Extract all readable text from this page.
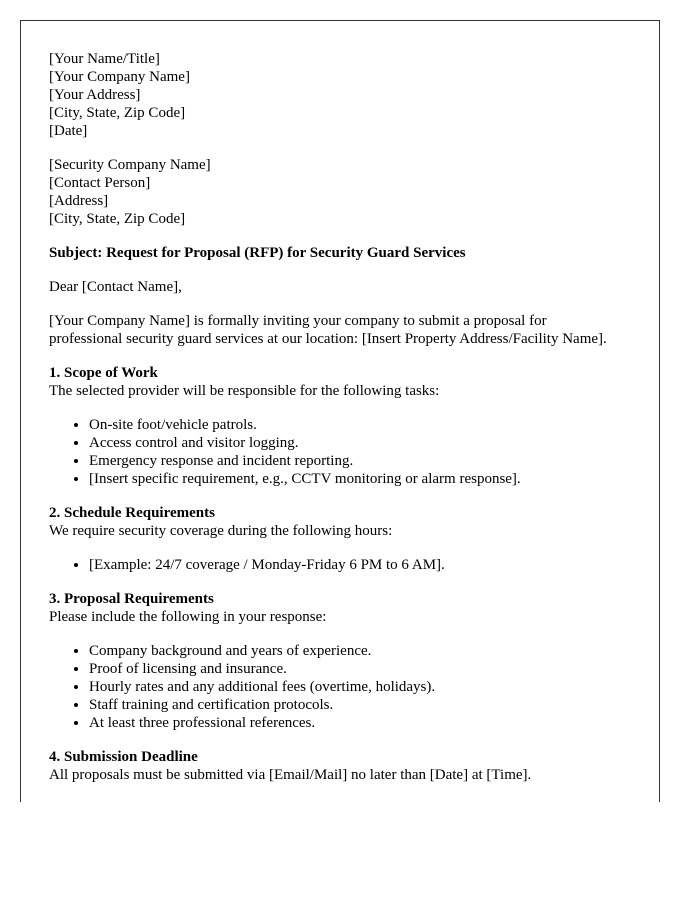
[Your Name/Title]
[Your Company Name]
[Your Address]
[City, State, Zip Code]
[Date]

[Security Company Name]
[Contact Person]
[Address]
[City, State, Zip Code]

Subject: Request for Proposal (RFP) for Security Guard Services

Dear [Contact Name],

[Your Company Name] is formally inviting your company to submit a proposal for professional security guard services at our location: [Insert Property Address/Facility Name].

1. Scope of Work
The selected provider will be responsible for the following tasks:
• On-site foot/vehicle patrols.
• Access control and visitor logging.
• Emergency response and incident reporting.
• [Insert specific requirement, e.g., CCTV monitoring or alarm response].
2. Schedule Requirements
We require security coverage during the following hours:
• [Example: 24/7 coverage / Monday-Friday 6 PM to 6 AM].
3. Proposal Requirements
Please include the following in your response:
• Company background and years of experience.
• Proof of licensing and insurance.
• Hourly rates and any additional fees (overtime, holidays).
• Staff training and certification protocols.
• At least three professional references.
4. Submission Deadline
All proposals must be submitted via [Email/Mail] no later than [Date] at [Time].
